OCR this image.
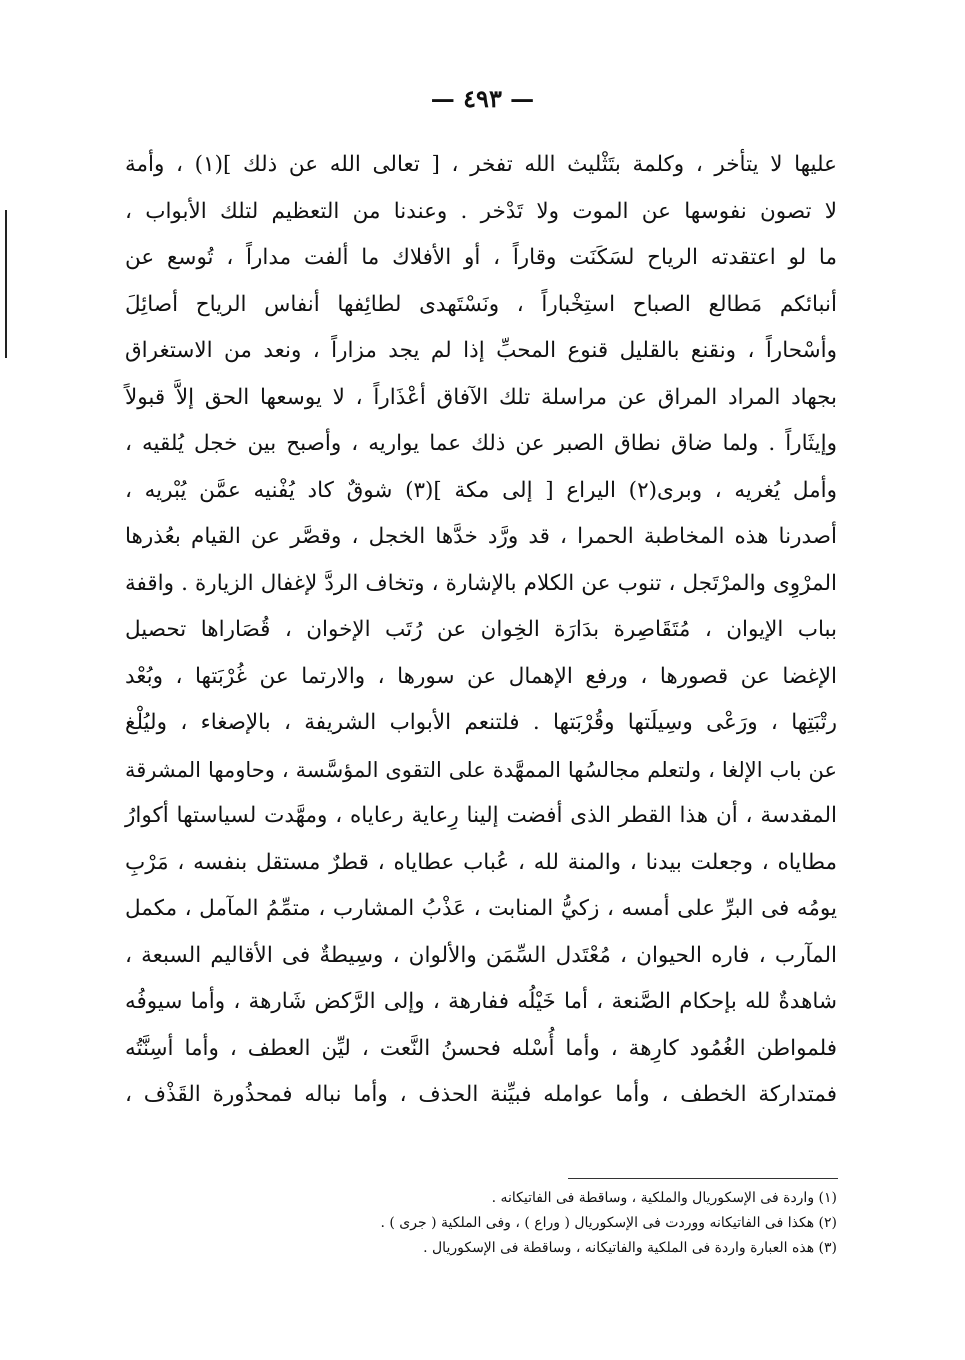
— ٤٩٣ —
عليها لا يتأخر ، وكلمة بتَثْليث الله تفخر ، [ تعالى الله عن ذلك ](١) ، وأمة
لا تصون نفوسها عن الموت ولا تَدْخر . وعندنا من التعظيم لتلك الأبواب ،
ما لو اعتقدته الرياح لسَكَنَت وقاراً ، أو الأفلاك ما ألفت مداراً ، تُوسع عن
أنبائكم مَطالع الصباح استِخْباراً ، ونَسْتَهدى لطائِفها أنفاس الرياح أصائِلَ
وأسْحاراً ، ونقنع بالقليل قنوع المحبِّ إذا لم يجد مزاراً ، ونعد من الاستغراق
بجهاد المراد المراق عن مراسلة تلك الآفاق أعْذَاراً ، لا يوسعها الحق إلاَّ قبولاً
وإيثَاراً . ولما ضاق نطاق الصبر عن ذلك عما يواريه ، وأصبح بين خجل يُلقيه ،
وأمل يُغريه ، وبرى(٢) اليراع [ إلى مكة ](٣) شوقٌ كاد يُفْنيه عمَّن يُبْريه ،
أصدرنا هذه المخاطبة الحمرا ، قد ورَّد خدَّها الخجل ، وقصَّر عن القيام بعُذرها
المرْوِى والمرْتَجل ، تنوب عن الكلام بالإشارة ، وتخاف الردَّ لإغفال الزيارة . واقفة
بباب الإيوان ، مُتَقَاصِرة بدَارَة الخِوان عن رُتَب الإخوان ، قُصَاراها تحصيل
الإغضا عن قصورها ، ورفع الإهمال عن سورها ، والارتما عن غُرْبَتها ، وبُعْد
رتْبَتِها ، ورَعْى وسِيلَتها وقُرْبَتها . فلتنعم الأبواب الشريفة ، بالإصغاء ، وليُلْغ
عن باب الإلغا ، ولتعلم مجالسُها الممهَّدة على التقوى المؤسَّسة ، وحاومها المشرقة
المقدسة ، أن هذا القطر الذى أفضت إلينا رِعاية رعاياه ، ومهَّدت لسياستها أكوارُ
مطاياه ، وجعلت بيدنا ، والمنة لله ، عُباب عطاياه ، قطرٌ مستقل بنفسه ، مَرْبِ
يومُه فى البرِّ على أمسه ، زكيُّ المنابت ، عَذْبُ المشارب ، متمِّمُ المآمل ، مكمل
المآرب ، فاره الحيوان ، مُعْتَدل السِّمَن والألوان ، وسِيطةٌ فى الأقاليم السبعة ،
شاهدةٌ لله بإحكام الصَّنعة ، أما خَيْلُه ففارهة ، وإلى الرَّكض شَارهة ، وأما سيوفُه
فلمواطن الغُمُود كارِهة ، وأما أُسْله فحسنُ النَّعت ، ليِّن العطف ، وأما أسِنَّتُه
فمتداركة الخطف ، وأما عوامله فبيِّنة الحذف ، وأما نباله فمحذُورة القَذْف ،
(١) واردة فى الإسكوريال والملكية ، وساقطة فى الفاتيكانه .
(٢) هكذا فى الفاتيكانه ووردت فى الإسكوريال ( وراع ) ، وفى الملكية ( جرى ) .
(٣) هذه العبارة واردة فى الملكية والفاتيكانه ، وساقطة فى الإسكوريال .
